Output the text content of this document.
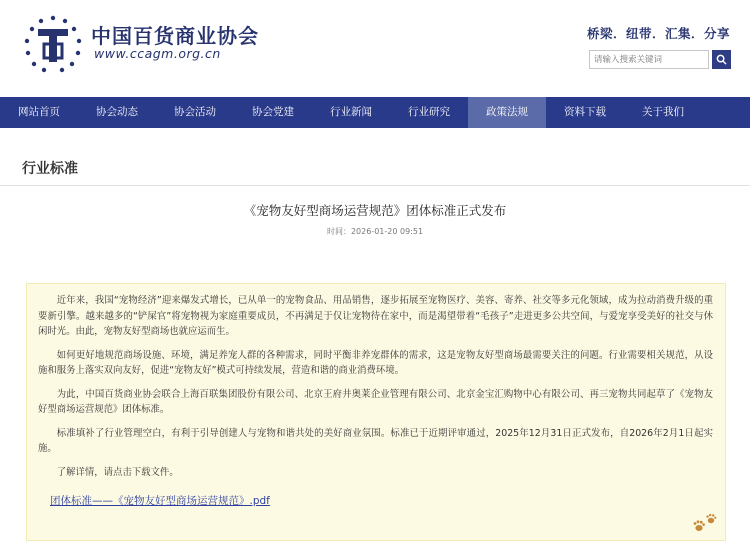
中国百货商业协会
www.ccagm.org.cn
桥梁．纽带．汇集．分享
请输入搜索关键词
网站首页	协会动态	协会活动	协会党建	行业新闻	行业研究	政策法规	资料下载	关于我们
行业标准
《宠物友好型商场运营规范》团体标准正式发布
时间：2026-01-20 09:51

近年来，我国“宠物经济”迎来爆发式增长，已从单一的宠物食品、用品销售，逐步拓展至宠物医疗、美容、寄养、社交等多元化领域，成为拉动消费升级的重要新引擎。越来越多的“铲屎官”将宠物视为家庭重要成员，不再满足于仅让宠物待在家中，而是渴望带着“毛孩子”走进更多公共空间，与爱宠享受美好的社交与休闲时光。由此，宠物友好型商场也就应运而生。

如何更好地规范商场设施、环境，满足养宠人群的各种需求，同时平衡非养宠群体的需求，这是宠物友好型商场最需要关注的问题。行业需要相关规范，从设施和服务上落实双向友好，促进“宠物友好”模式可持续发展，营造和谐的商业消费环境。

为此，中国百货商业协会联合上海百联集团股份有限公司、北京王府井奥莱企业管理有限公司、北京金宝汇购物中心有限公司、再三宠物共同起草了《宠物友好型商场运营规范》团体标准。

标准填补了行业管理空白，有利于引导创建人与宠物和谐共处的美好商业氛围。标准已于近期评审通过，2025年12月31日正式发布，自2026年2月1日起实施。

了解详情，请点击下载文件。

团体标准——《宠物友好型商场运营规范》.pdf
